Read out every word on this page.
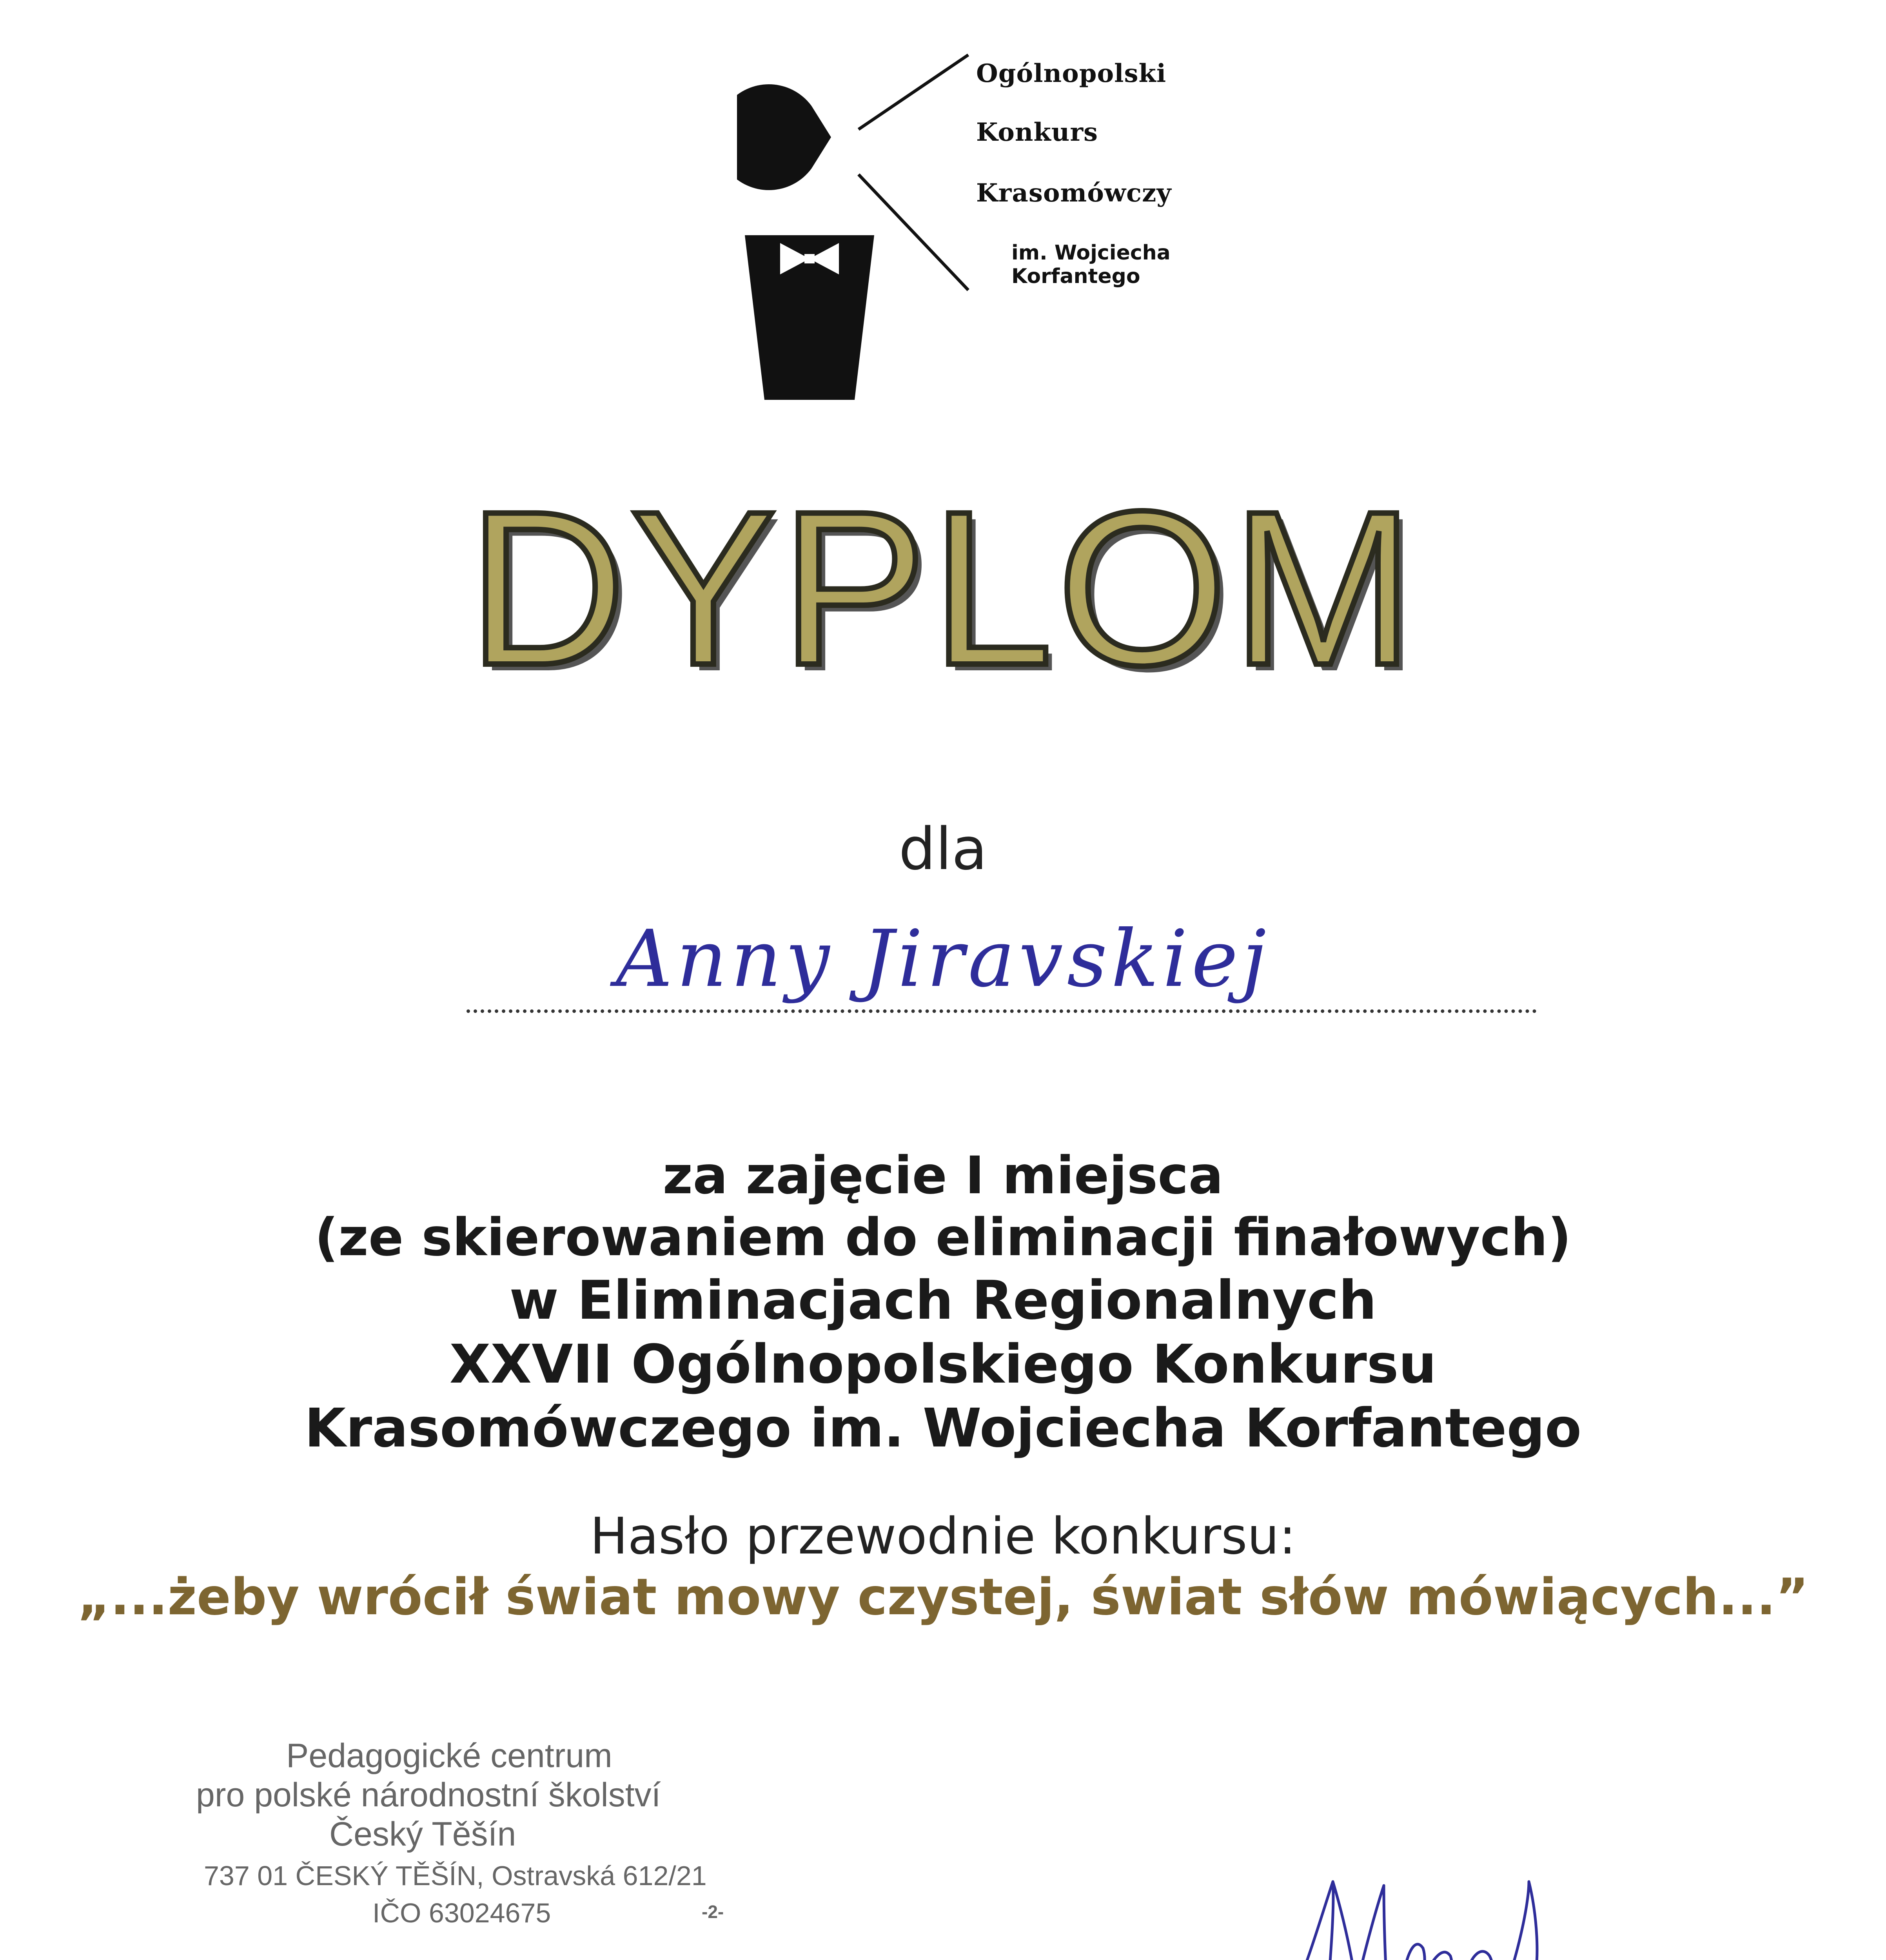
Ogólnopolski
Konkurs
Krasomówczy
im. Wojciecha Korfantego
DYPLOM
dla
Anny Jiravskiej
za zajęcie I miejsca
(ze skierowaniem do eliminacji finałowych)
w Eliminacjach Regionalnych
XXVII Ogólnopolskiego Konkursu
Krasomówczego im. Wojciecha Korfantego
Hasło przewodnie konkursu:
„...żeby wrócił świat mowy czystej, świat słów mówiących...”
Pedagogické centrum
pro polské národnostní školství
Český Těšín
737 01 ČESKÝ TĚŠÍN, Ostravská 612/21
IČO 63024675	-2-
